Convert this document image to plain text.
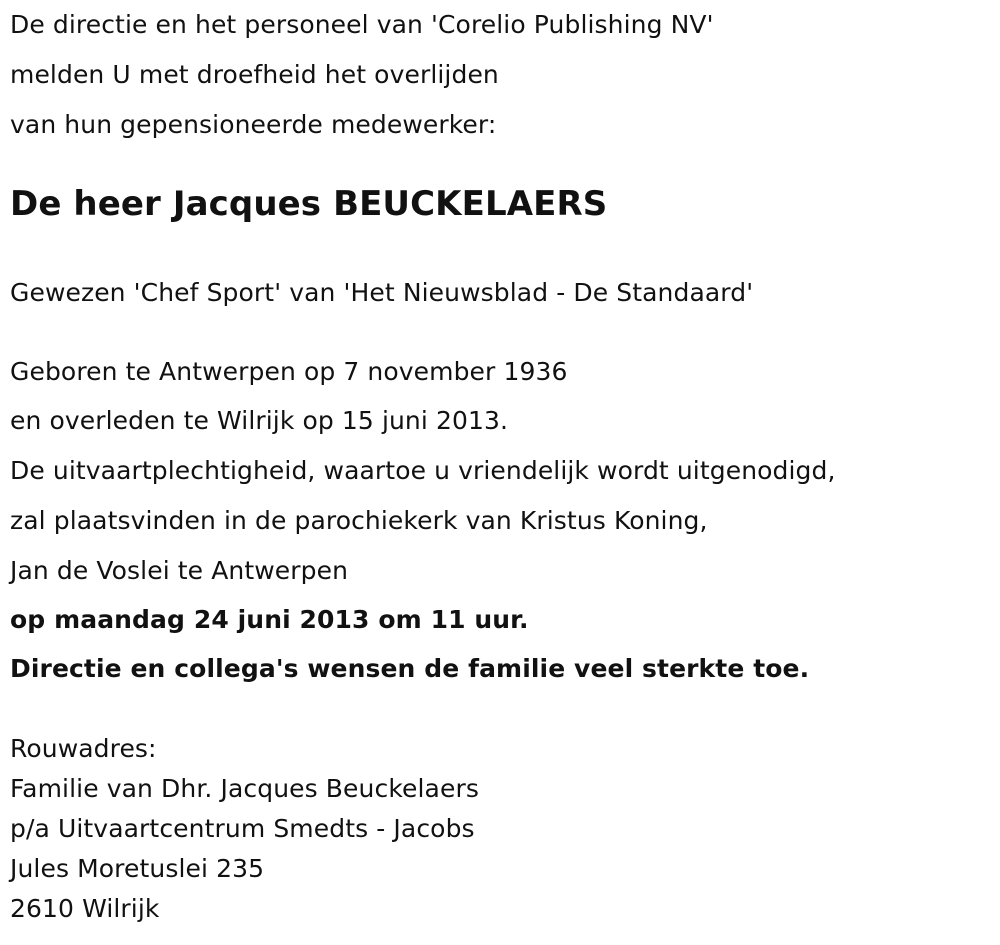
De directie en het personeel van 'Corelio Publishing NV'
melden U met droefheid het overlijden
van hun gepensioneerde medewerker:
De heer Jacques BEUCKELAERS
Gewezen 'Chef Sport' van 'Het Nieuwsblad - De Standaard'
Geboren te Antwerpen op 7 november 1936
en overleden te Wilrijk op 15 juni 2013.
De uitvaartplechtigheid, waartoe u vriendelijk wordt uitgenodigd,
zal plaatsvinden in de parochiekerk van Kristus Koning,
Jan de Voslei te Antwerpen
op maandag 24 juni 2013 om 11 uur.
Directie en collega's wensen de familie veel sterkte toe.
Rouwadres:
Familie van Dhr. Jacques Beuckelaers
p/a Uitvaartcentrum Smedts - Jacobs
Jules Moretuslei 235
2610 Wilrijk
